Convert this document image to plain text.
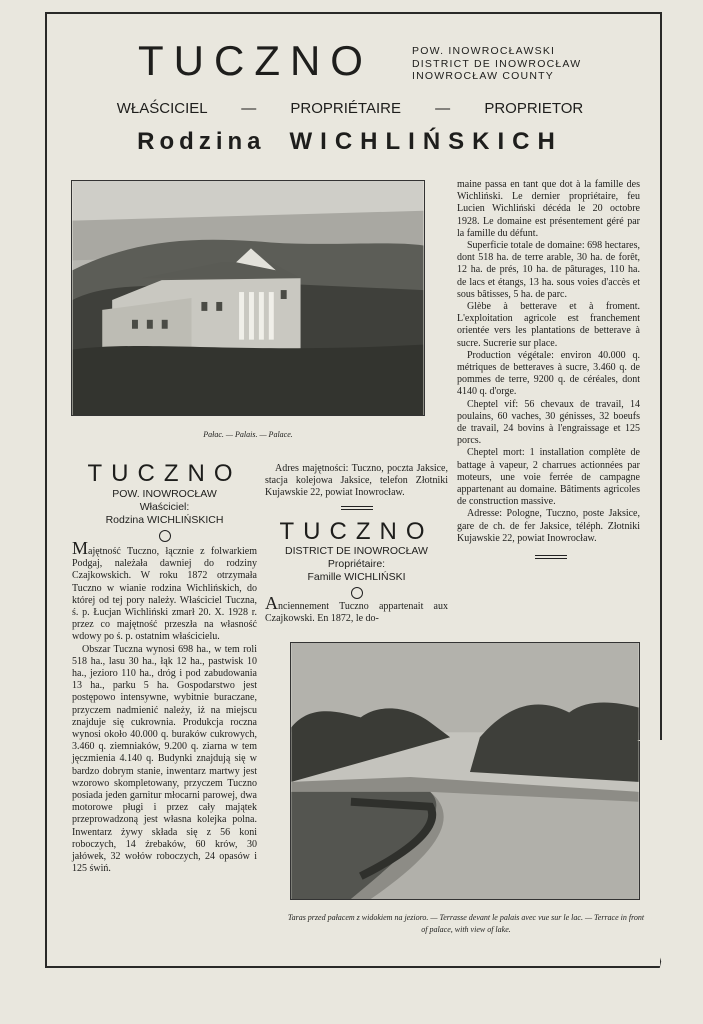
TUCZNO	POW. INOWROCŁAWSKI
DISTRICT DE INOWROCŁAW
INOWROCŁAW COUNTY
WŁAŚCICIEL — PROPRIÉTAIRE — PROPRIETOR
Rodzina WICHLIŃSKICH
Pałac. — Palais. — Palace.

maine passa en tant que dot à la famille des Wichliński. Le dernier propriétaire, feu Lucien Wichliński décéda le 20 octobre 1928. Le domaine est présentement géré par la famille du défunt.

Superficie totale de domaine: 698 hectares, dont 518 ha. de terre arable, 30 ha. de forêt, 12 ha. de prés, 10 ha. de pâturages, 110 ha. de lacs et étangs, 13 ha. sous voies d'accès et sous bâtisses, 5 ha. de parc.

Glèbe à betterave et à froment. L'exploitation agricole est franchement orientée vers les plantations de betterave à sucre. Sucrerie sur place.

Production végétale: environ 40.000 q. métriques de betteraves à sucre, 3.460 q. de pommes de terre, 9200 q. de céréales, dont 4140 q. d'orge.

Cheptel vif: 56 chevaux de travail, 14 poulains, 60 vaches, 30 génisses, 32 boeufs de travail, 24 bovins à l'engraissage et 125 porcs.

Cheptel mort: 1 installation complète de battage à vapeur, 2 charrues actionnées par moteurs, une voie ferrée de campagne appartenant au domaine. Bâtiments agricoles de construction massive.

Adresse: Pologne, Tuczno, poste Jaksice, gare de ch. de fer Jaksice, téléph. Złotniki Kujawskie 22, powiat Inowrocław.

TUCZNO
POW. INOWROCŁAW
Właściciel:
Rodzina WICHLIŃSKICH

Majętność Tuczno, łącznie z folwarkiem Podgaj, należała dawniej do rodziny Czajkowskich. W roku 1872 otrzymała Tuczno w wianie rodzina Wichlińskich, do której od tej pory należy. Właściciel Tuczna, ś. p. Łucjan Wichliński zmarł 20. X. 1928 r. przez co majętność przeszła na własność wdowy po ś. p. ostatnim właścicielu.

Obszar Tuczna wynosi 698 ha., w tem roli 518 ha., lasu 30 ha., łąk 12 ha., pastwisk 10 ha., jezioro 110 ha., dróg i pod zabudowania 13 ha., parku 5 ha. Gospodarstwo jest postępowo intensywne, wybitnie buraczane, przyczem nadmienić należy, iż na miejscu znajduje się cukrownia. Produkcja roczna wynosi około 40.000 q. buraków cukrowych, 3.460 q. ziemniaków, 9.200 q. ziarna w tem jęczmienia 4.140 q. Budynki znajdują się w bardzo dobrym stanie, inwentarz martwy jest wzorowo skompletowany, przyczem Tuczno posiada jeden garnitur młocarni parowej, dwa motorowe pługi i przez cały majątek przeprowadzoną jest własna kolejka polna. Inwentarz żywy składa się z 56 koni roboczych, 14 źrebaków, 60 krów, 30 jałówek, 32 wołów roboczych, 24 opasów i 125 świń.

Adres majętności: Tuczno, poczta Jaksice, stacja kolejowa Jaksice, telefon Złotniki Kujawskie 22, powiat Inowrocław.

TUCZNO
DISTRICT DE INOWROCŁAW
Propriétaire:
Famille WICHLIŃSKI

Anciennement Tuczno appartenait aux Czajkowski. En 1872, le do-

Taras przed pałacem z widokiem na jezioro. — Terrasse devant le palais avec vue sur le lac. — Terrace in front of palace, with view of lake.
